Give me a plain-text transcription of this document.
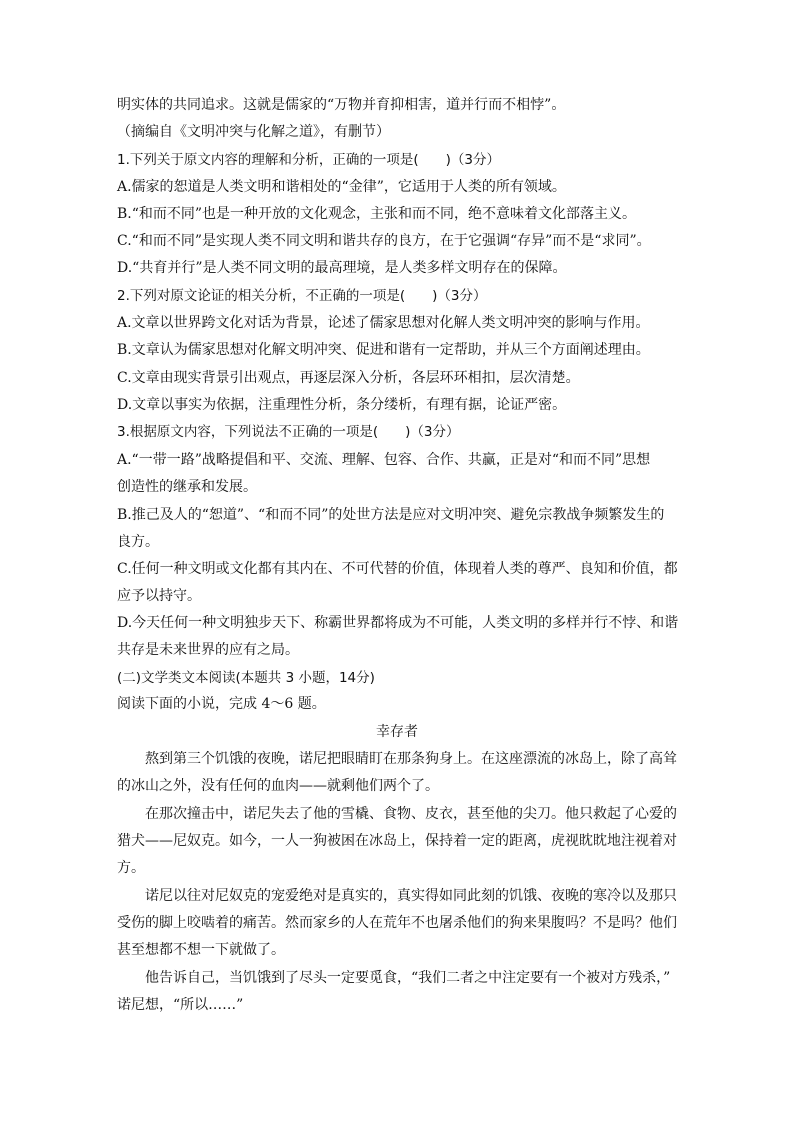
明实体的共同追求。这就是儒家的“万物并育抑相害，道并行而不相悖”。
（摘编自《文明冲突与化解之道》，有删节）
1.下列关于原文内容的理解和分析，正确的一项是(　　)（3分）
A.儒家的恕道是人类文明和谐相处的“金律”，它适用于人类的所有领域。
B.“和而不同”也是一种开放的文化观念，主张和而不同，绝不意味着文化部落主义。
C.“和而不同”是实现人类不同文明和谐共存的良方，在于它强调“存异”而不是“求同”。
D.“共育并行”是人类不同文明的最高理境，是人类多样文明存在的保障。
2.下列对原文论证的相关分析，不正确的一项是(　　)（3分）
A.文章以世界跨文化对话为背景，论述了儒家思想对化解人类文明冲突的影响与作用。
B.文章认为儒家思想对化解文明冲突、促进和谐有一定帮助，并从三个方面阐述理由。
C.文章由现实背景引出观点，再逐层深入分析，各层环环相扣，层次清楚。
D.文章以事实为依据，注重理性分析，条分缕析，有理有据，论证严密。
3.根据原文内容，下列说法不正确的一项是(　　)（3分）
A.“一带一路”战略提倡和平、交流、理解、包容、合作、共赢，正是对“和而不同”思想
创造性的继承和发展。
B.推己及人的“恕道”、“和而不同”的处世方法是应对文明冲突、避免宗教战争频繁发生的
良方。
C.任何一种文明或文化都有其内在、不可代替的价值，体现着人类的尊严、良知和价值，都
应予以持守。
D.今天任何一种文明独步天下、称霸世界都将成为不可能，人类文明的多样并行不悖、和谐
共存是未来世界的应有之局。
(二)文学类文本阅读(本题共 3 小题，14分)
阅读下面的小说，完成 4～6 题。
幸存者
熬到第三个饥饿的夜晚，诺尼把眼睛盯在那条狗身上。在这座漂流的冰岛上，除了高耸
的冰山之外，没有任何的血肉——就剩他们两个了。
在那次撞击中，诺尼失去了他的雪橇、食物、皮衣，甚至他的尖刀。他只救起了心爱的
猎犬——尼奴克。如今，一人一狗被困在冰岛上，保持着一定的距离，虎视眈眈地注视着对
方。
诺尼以往对尼奴克的宠爱绝对是真实的，真实得如同此刻的饥饿、夜晚的寒冷以及那只
受伤的脚上咬啮着的痛苦。然而家乡的人在荒年不也屠杀他们的狗来果腹吗？不是吗？他们
甚至想都不想一下就做了。
他告诉自己，当饥饿到了尽头一定要觅食，“我们二者之中注定要有一个被对方残杀，”
诺尼想，“所以……”
